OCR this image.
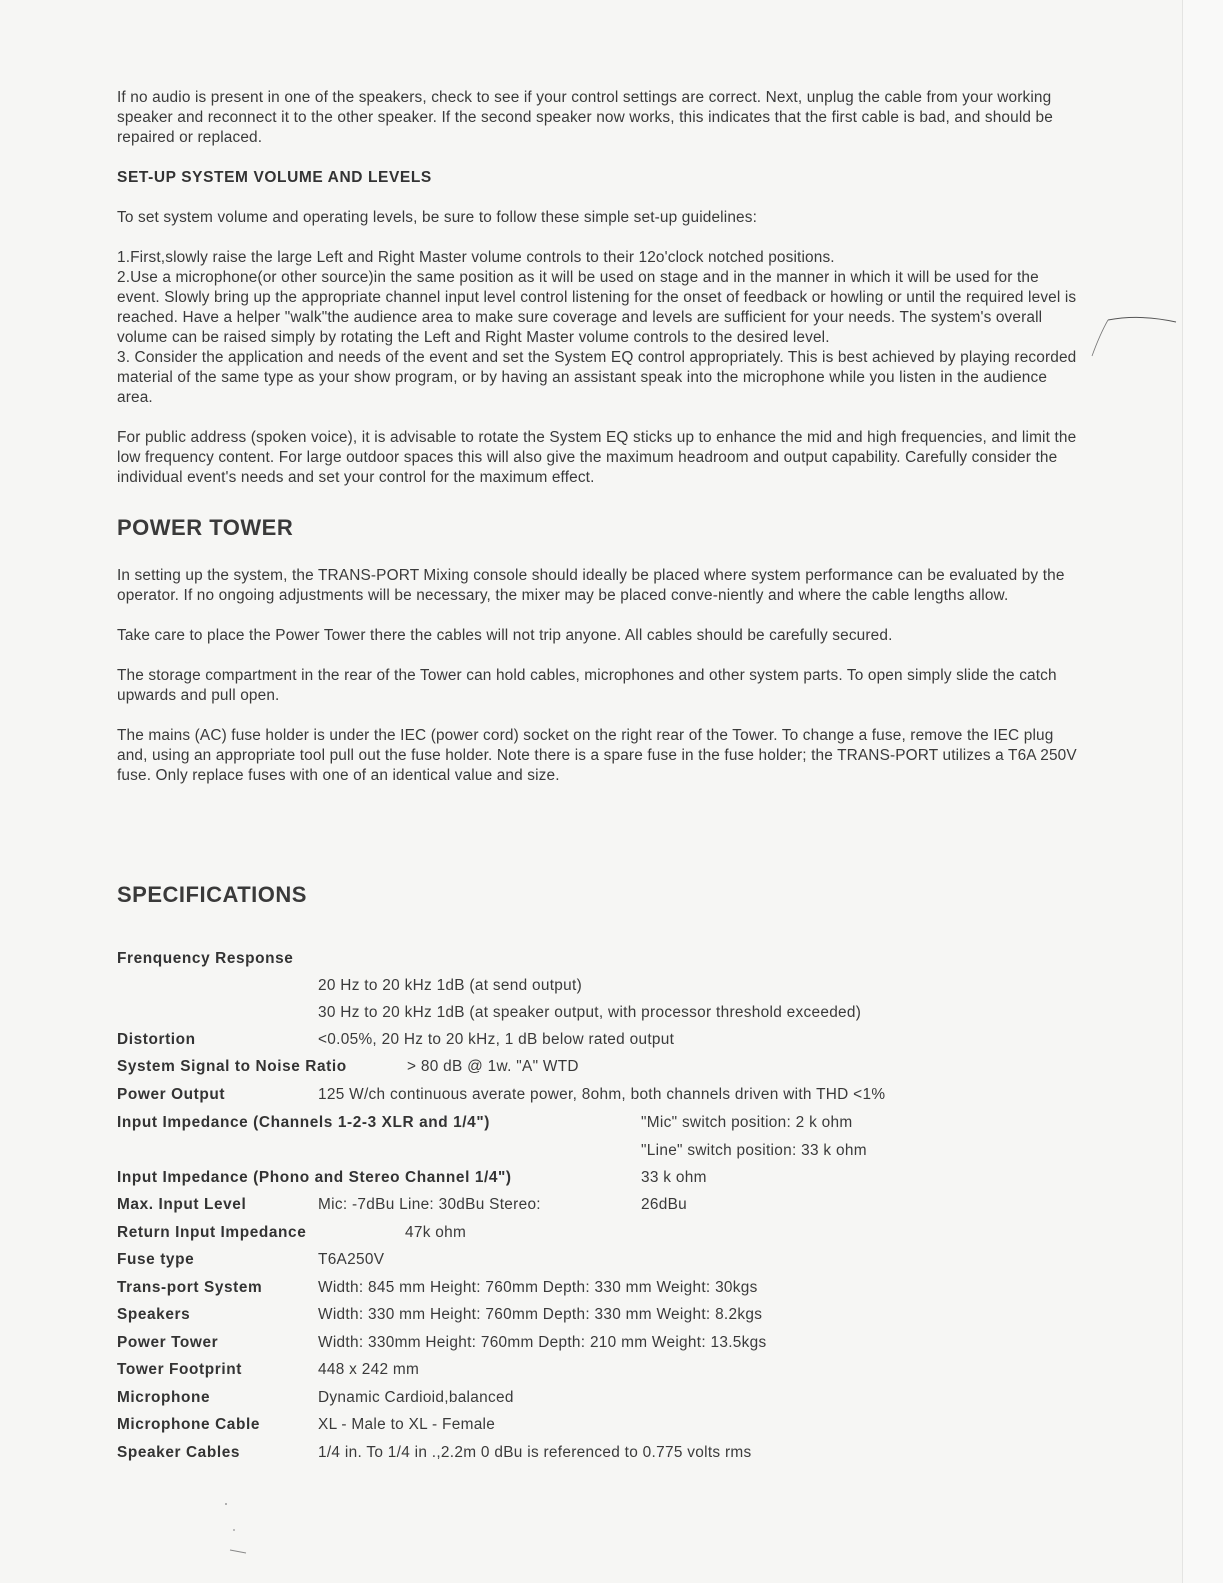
If no audio is present in one of the speakers, check to see if your control settings are correct. Next, unplug the cable from your working speaker and reconnect it to the other speaker. If the second speaker now works, this indicates that the first cable is bad, and should be repaired or replaced.

SET-UP SYSTEM VOLUME AND LEVELS

To set system volume and operating levels, be sure to follow these simple set-up guidelines:

1.First,slowly raise the large Left and Right Master volume controls to their 12o'clock notched positions.

2.Use a microphone(or other source)in the same position as it will be used on stage and in the manner in which it will be used for the event. Slowly bring up the appropriate channel input level control listening for the onset of feedback or howling or until the required level is reached. Have a helper "walk"the audience area to make sure coverage and levels are sufficient for your needs. The system's overall volume can be raised simply by rotating the Left and Right Master volume controls to the desired level.

3. Consider the application and needs of the event and set the System EQ control appropriately. This is best achieved by playing recorded material of the same type as your show program, or by having an assistant speak into the microphone while you listen in the audience area.

For public address (spoken voice), it is advisable to rotate the System EQ sticks up to enhance the mid and high frequencies, and limit the low frequency content. For large outdoor spaces this will also give the maximum headroom and output capability. Carefully consider the individual event's needs and set your control for the maximum effect.

POWER TOWER

In setting up the system, the TRANS-PORT Mixing console should ideally be placed where system performance can be evaluated by the operator. If no ongoing adjustments will be necessary, the mixer may be placed conve-niently and where the cable lengths allow.

Take care to place the Power Tower there the cables will not trip anyone. All cables should be carefully secured.

The storage compartment in the rear of the Tower can hold cables, microphones and other system parts. To open simply slide the catch upwards and pull open.

The mains (AC) fuse holder is under the IEC (power cord) socket on the right rear of the Tower. To change a fuse, remove the IEC plug and, using an appropriate tool pull out the fuse holder. Note there is a spare fuse in the fuse holder; the TRANS-PORT utilizes a T6A 250V fuse. Only replace fuses with one of an identical value and size.

SPECIFICATIONS
Frenquency Response
20 Hz to 20 kHz 1dB (at send output)
30 Hz to 20 kHz 1dB (at speaker output, with processor threshold exceeded)
Distortion	<0.05%, 20 Hz to 20 kHz, 1 dB below rated output
System Signal to Noise Ratio	> 80 dB @ 1w. "A" WTD
Power Output	125 W/ch continuous averate power, 8ohm, both channels driven with THD <1%
Input Impedance (Channels 1-2-3 XLR and 1/4")	"Mic" switch position: 2 k ohm
"Line" switch position: 33 k ohm
Input Impedance (Phono and Stereo Channel 1/4")	33 k ohm
Max. Input Level	Mic: -7dBu Line: 30dBu Stereo:	26dBu
Return Input Impedance	47k ohm
Fuse type	T6A250V
Trans-port System	Width: 845 mm Height: 760mm Depth: 330 mm Weight: 30kgs
Speakers	Width: 330 mm Height: 760mm Depth: 330 mm Weight: 8.2kgs
Power Tower	Width: 330mm Height: 760mm Depth: 210 mm Weight: 13.5kgs
Tower Footprint	448 x 242 mm
Microphone	Dynamic Cardioid,balanced
Microphone Cable	XL - Male to XL - Female
Speaker Cables	1/4 in. To 1/4 in .,2.2m 0 dBu is referenced to 0.775 volts rms
